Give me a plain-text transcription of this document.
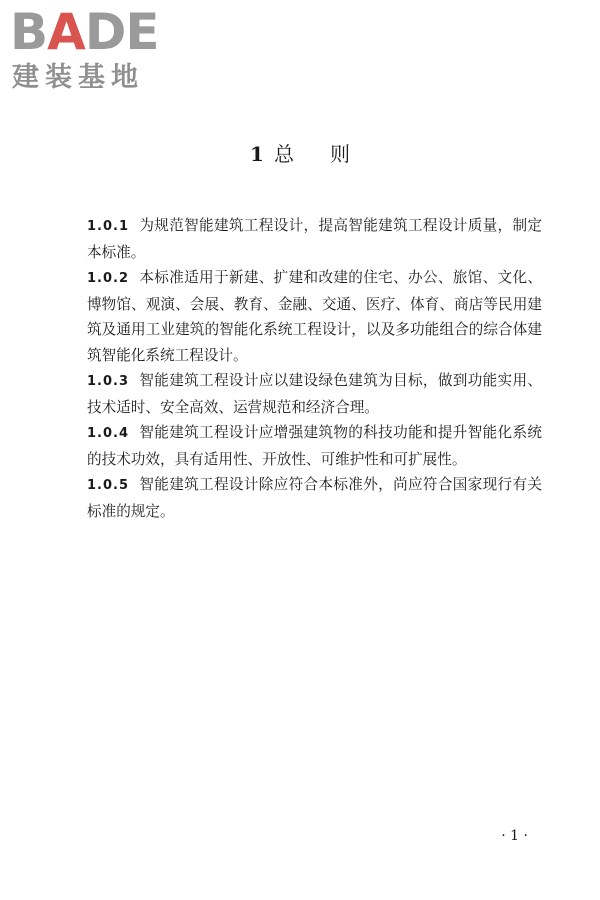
BADE
建装基地
1 总则

1.0.1 为规范智能建筑工程设计，提高智能建筑工程设计质量，制定本标准。

1.0.2 本标准适用于新建、扩建和改建的住宅、办公、旅馆、文化、博物馆、观演、会展、教育、金融、交通、医疗、体育、商店等民用建筑及通用工业建筑的智能化系统工程设计，以及多功能组合的综合体建筑智能化系统工程设计。

1.0.3 智能建筑工程设计应以建设绿色建筑为目标，做到功能实用、技术适时、安全高效、运营规范和经济合理。

1.0.4 智能建筑工程设计应增强建筑物的科技功能和提升智能化系统的技术功效，具有适用性、开放性、可维护性和可扩展性。

1.0.5 智能建筑工程设计除应符合本标准外，尚应符合国家现行有关标准的规定。

· 1 ·
